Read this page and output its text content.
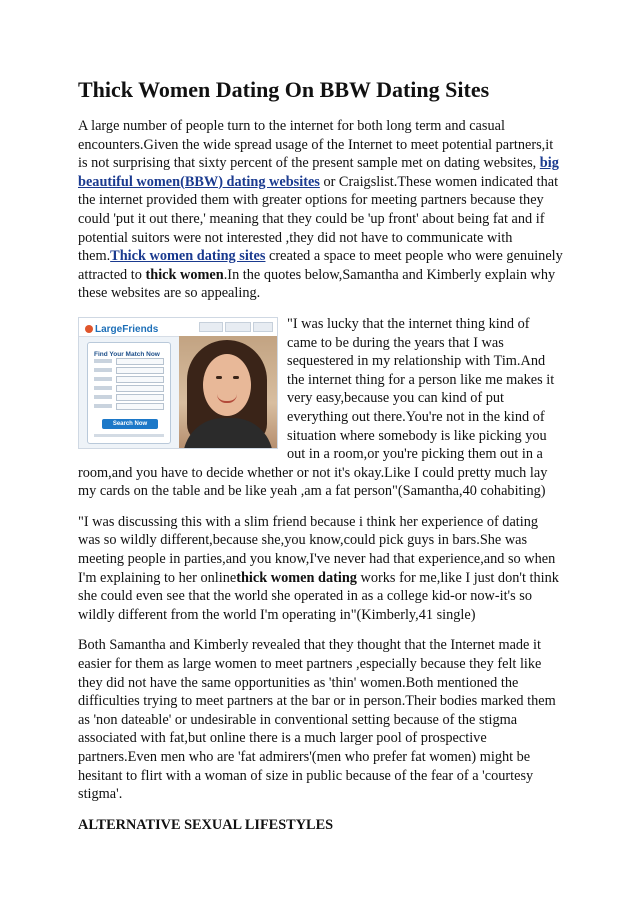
Thick Women Dating On BBW Dating Sites

A large number of people turn to the internet for both long term and casual encounters.Given the wide spread usage of the Internet to meet potential partners,it is not surprising that sixty percent of the present sample met on dating websites, big beautiful women(BBW) dating websites or Craigslist.These women indicated that the internet provided them with greater options for meeting partners because they could 'put it out there,' meaning that they could be 'up front' about being fat and if potential suitors were not interested ,they did not have to communicate with them.Thick women dating sites created a space to meet people who were genuinely attracted to thick women.In the quotes below,Samantha and Kimberly explain why these websites are so appealing.

LargeFriends
Find Your Match Now
Search Now
"I was lucky that the internet thing kind of came to be during the years that I was sequestered in my relationship with Tim.And the internet thing for a person like me makes it very easy,because you can kind of put everything out there.You're not in the kind of situation where somebody is like picking you out in a room,or you're picking them out in a room,and you have to decide whether or not it's okay.Like I could pretty much lay my cards on the table and be like yeah ,am a fat person"(Samantha,40 cohabiting)

"I was discussing this with a slim friend because i think her experience of dating was so wildly different,because she,you know,could pick guys in bars.She was meeting people in parties,and you know,I've never had that experience,and so when I'm explaining to her onlinethick women dating works for me,like I just don't think she could even see that the world she operated in as a college kid-or now-it's so wildly different from the world I'm operating in"(Kimberly,41 single)

Both Samantha and Kimberly revealed that they thought that the Internet made it easier for them as large women to meet partners ,especially because they felt like they did not have the same opportunities as 'thin' women.Both mentioned the difficulties trying to meet partners at the bar or in person.Their bodies marked them as 'non dateable' or undesirable in conventional setting because of the stigma associated with fat,but online there is a much larger pool of prospective partners.Even men who are 'fat admirers'(men who prefer fat women) might be hesitant to flirt with a woman of size in public because of the fear of a 'courtesy stigma'.

ALTERNATIVE SEXUAL LIFESTYLES
